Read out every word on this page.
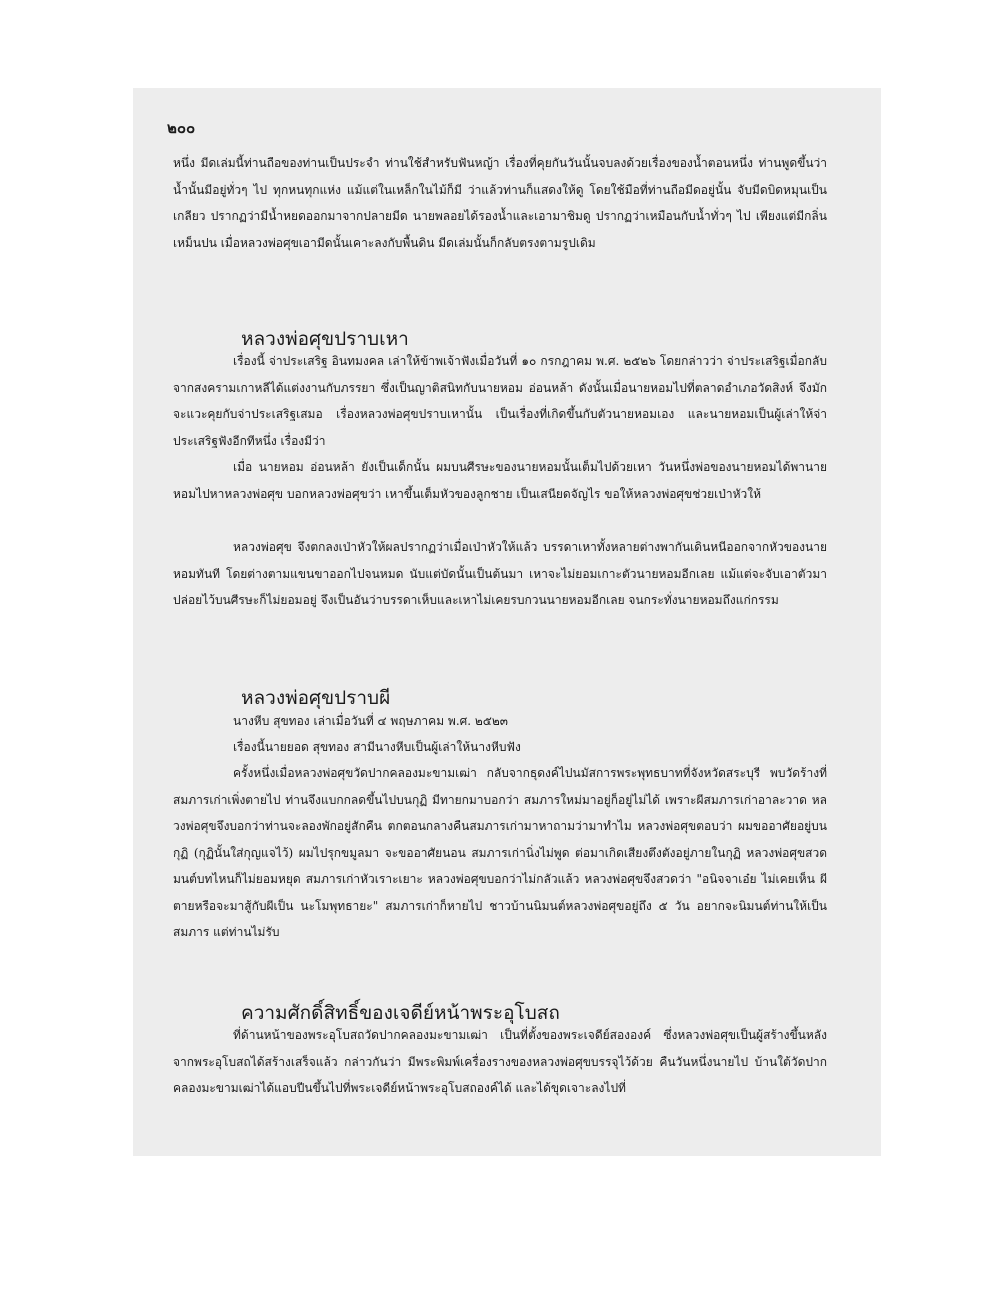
๒๐๐

หนึ่ง มีดเล่มนี้ท่านถือของท่านเป็นประจำ ท่านใช้สำหรับฟันหญ้า เรื่องที่คุยกันวันนั้นจบลงด้วยเรื่องของน้ำตอนหนึ่ง ท่านพูดขึ้นว่า น้ำนั้นมีอยู่ทั่วๆ ไป ทุกหนทุกแห่ง แม้แต่ในเหล็กในไม้ก็มี ว่าแล้วท่านก็แสดงให้ดู โดยใช้มือที่ท่านถือมีดอยู่นั้น จับมีดบิดหมุนเป็นเกลียว ปรากฏว่ามีน้ำหยดออกมาจากปลายมีด นายพลอยได้รองน้ำและเอามาชิมดู ปรากฏว่าเหมือนกับน้ำทั่วๆ ไป เพียงแต่มีกลิ่นเหม็นปน เมื่อหลวงพ่อศุขเอามีดนั้นเคาะลงกับพื้นดิน มีดเล่มนั้นก็กลับตรงตามรูปเดิม

หลวงพ่อศุขปราบเหา

เรื่องนี้ จ่าประเสริฐ อินทมงคล เล่าให้ข้าพเจ้าฟังเมื่อวันที่ ๑๐ กรกฎาคม พ.ศ. ๒๕๒๖ โดยกล่าวว่า จ่าประเสริฐเมื่อกลับจากสงครามเกาหลีได้แต่งงานกับภรรยา ซึ่งเป็นญาติสนิทกับนายหอม อ่อนหล้า ดังนั้นเมื่อนายหอมไปที่ตลาดอำเภอวัดสิงห์ จึงมักจะแวะคุยกับจ่าประเสริฐเสมอ เรื่องหลวงพ่อศุขปราบเหานั้น เป็นเรื่องที่เกิดขึ้นกับตัวนายหอมเอง และนายหอมเป็นผู้เล่าให้จ่าประเสริฐฟังอีกทีหนึ่ง เรื่องมีว่า

เมื่อ นายหอม อ่อนหล้า ยังเป็นเด็กนั้น ผมบนศีรษะของนายหอมนั้นเต็มไปด้วยเหา วันหนึ่งพ่อของนายหอมได้พานายหอมไปหาหลวงพ่อศุข บอกหลวงพ่อศุขว่า เหาขึ้นเต็มหัวของลูกชาย เป็นเสนียดจัญไร ขอให้หลวงพ่อศุขช่วยเป่าหัวให้

หลวงพ่อศุข จึงตกลงเป่าหัวให้ผลปรากฏว่าเมื่อเป่าหัวให้แล้ว บรรดาเหาทั้งหลายต่างพากันเดินหนีออกจากหัวของนายหอมทันที โดยต่างตามแขนขาออกไปจนหมด นับแต่บัดนั้นเป็นต้นมา เหาจะไม่ยอมเกาะตัวนายหอมอีกเลย แม้แต่จะจับเอาตัวมาปล่อยไว้บนศีรษะก็ไม่ยอมอยู่ จึงเป็นอันว่าบรรดาเห็บและเหาไม่เคยรบกวนนายหอมอีกเลย จนกระทั่งนายหอมถึงแก่กรรม

หลวงพ่อศุขปราบผี

นางหีบ สุขทอง เล่าเมื่อวันที่ ๔ พฤษภาคม พ.ศ. ๒๕๒๓

เรื่องนี้นายยอด สุขทอง สามีนางหีบเป็นผู้เล่าให้นางหีบฟัง

ครั้งหนึ่งเมื่อหลวงพ่อศุขวัดปากคลองมะขามเฒ่า กลับจากธุดงค์ไปนมัสการพระพุทธบาทที่จังหวัดสระบุรี พบวัดร้างที่สมภารเก่าเพิ่งตายไป ท่านจึงแบกกลดขึ้นไปบนกุฏิ มีทายกมาบอกว่า สมภารใหม่มาอยู่ก็อยู่ไม่ได้ เพราะผีสมภารเก่าอาละวาด หลวงพ่อศุขจึงบอกว่าท่านจะลองพักอยู่สักคืน ตกตอนกลางคืนสมภารเก่ามาหาถามว่ามาทำไม หลวงพ่อศุขตอบว่า ผมขออาศัยอยู่บนกุฏิ (กุฏินั้นใส่กุญแจไว้) ผมไปรุกขมูลมา จะขออาศัยนอน สมภารเก่านิ่งไม่พูด ต่อมาเกิดเสียงตึงตังอยู่ภายในกุฏิ หลวงพ่อศุขสวดมนต์บทไหนก็ไม่ยอมหยุด สมภารเก่าหัวเราะเยาะ หลวงพ่อศุขบอกว่าไม่กลัวแล้ว หลวงพ่อศุขจึงสวดว่า "อนิจจาเอ๋ย ไม่เคยเห็น ผีตายหรือจะมาสู้กับผีเป็น นะโมพุทธายะ" สมภารเก่าก็หายไป ชาวบ้านนิมนต์หลวงพ่อศุขอยู่ถึง ๕ วัน อยากจะนิมนต์ท่านให้เป็นสมภาร แต่ท่านไม่รับ

ความศักดิ์สิทธิ์ของเจดีย์หน้าพระอุโบสถ

ที่ด้านหน้าของพระอุโบสถวัดปากคลองมะขามเฒ่า เป็นที่ตั้งของพระเจดีย์สององค์ ซึ่งหลวงพ่อศุขเป็นผู้สร้างขึ้นหลังจากพระอุโบสถได้สร้างเสร็จแล้ว กล่าวกันว่า มีพระพิมพ์เครื่องรางของหลวงพ่อศุขบรรจุไว้ด้วย คืนวันหนึ่งนายไป บ้านใต้วัดปากคลองมะขามเฒ่าได้แอบปีนขึ้นไปที่พระเจดีย์หน้าพระอุโบสถองค์ได้ และได้ขุดเจาะลงไปที่
